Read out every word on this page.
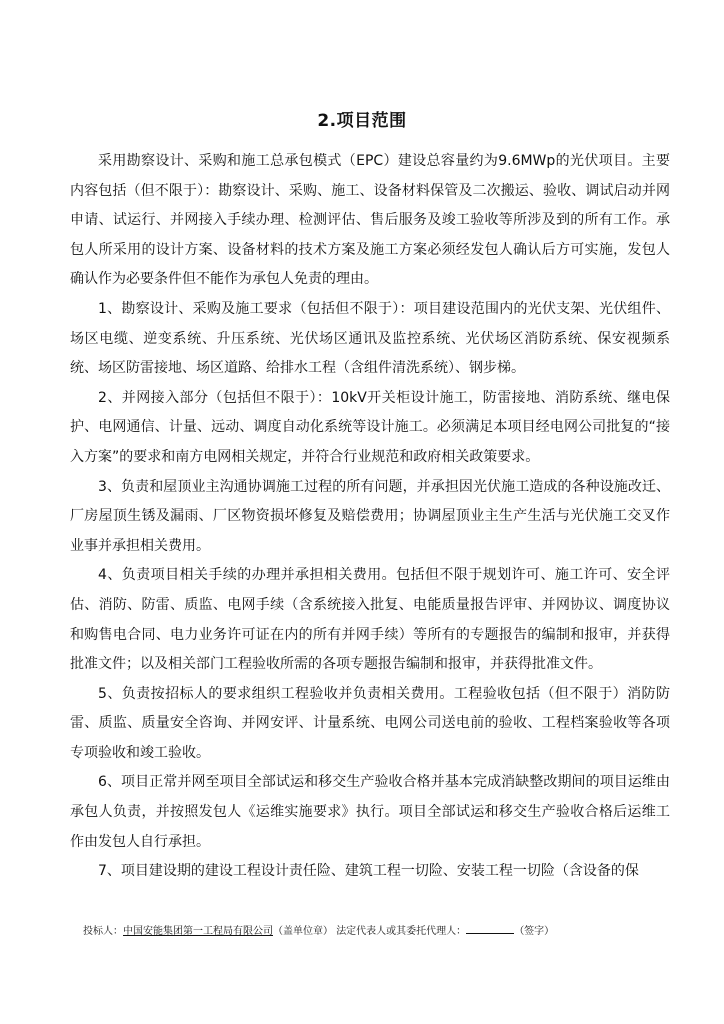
2.项目范围

采用勘察设计、采购和施工总承包模式（EPC）建设总容量约为9.6MWp的光伏项目。主要内容包括（但不限于）：勘察设计、采购、施工、设备材料保管及二次搬运、验收、调试启动并网申请、试运行、并网接入手续办理、检测评估、售后服务及竣工验收等所涉及到的所有工作。承包人所采用的设计方案、设备材料的技术方案及施工方案必须经发包人确认后方可实施，发包人确认作为必要条件但不能作为承包人免责的理由。

1、勘察设计、采购及施工要求（包括但不限于）：项目建设范围内的光伏支架、光伏组件、场区电缆、逆变系统、升压系统、光伏场区通讯及监控系统、光伏场区消防系统、保安视频系统、场区防雷接地、场区道路、给排水工程（含组件清洗系统）、钢步梯。

2、并网接入部分（包括但不限于）：10kV开关柜设计施工，防雷接地、消防系统、继电保护、电网通信、计量、远动、调度自动化系统等设计施工。必须满足本项目经电网公司批复的“接入方案”的要求和南方电网相关规定，并符合行业规范和政府相关政策要求。

3、负责和屋顶业主沟通协调施工过程的所有问题，并承担因光伏施工造成的各种设施改迁、厂房屋顶生锈及漏雨、厂区物资损坏修复及赔偿费用；协调屋顶业主生产生活与光伏施工交叉作业事并承担相关费用。

4、负责项目相关手续的办理并承担相关费用。包括但不限于规划许可、施工许可、安全评估、消防、防雷、质监、电网手续（含系统接入批复、电能质量报告评审、并网协议、调度协议和购售电合同、电力业务许可证在内的所有并网手续）等所有的专题报告的编制和报审，并获得批准文件；以及相关部门工程验收所需的各项专题报告编制和报审，并获得批准文件。

5、负责按招标人的要求组织工程验收并负责相关费用。工程验收包括（但不限于）消防防雷、质监、质量安全咨询、并网安评、计量系统、电网公司送电前的验收、工程档案验收等各项专项验收和竣工验收。

6、项目正常并网至项目全部试运和移交生产验收合格并基本完成消缺整改期间的项目运维由承包人负责，并按照发包人《运维实施要求》执行。项目全部试运和移交生产验收合格后运维工作由发包人自行承担。

7、项目建设期的建设工程设计责任险、建筑工程一切险、安装工程一切险（含设备的保

投标人：中国安能集团第一工程局有限公司（盖单位章） 法定代表人或其委托代理人：	（签字）
